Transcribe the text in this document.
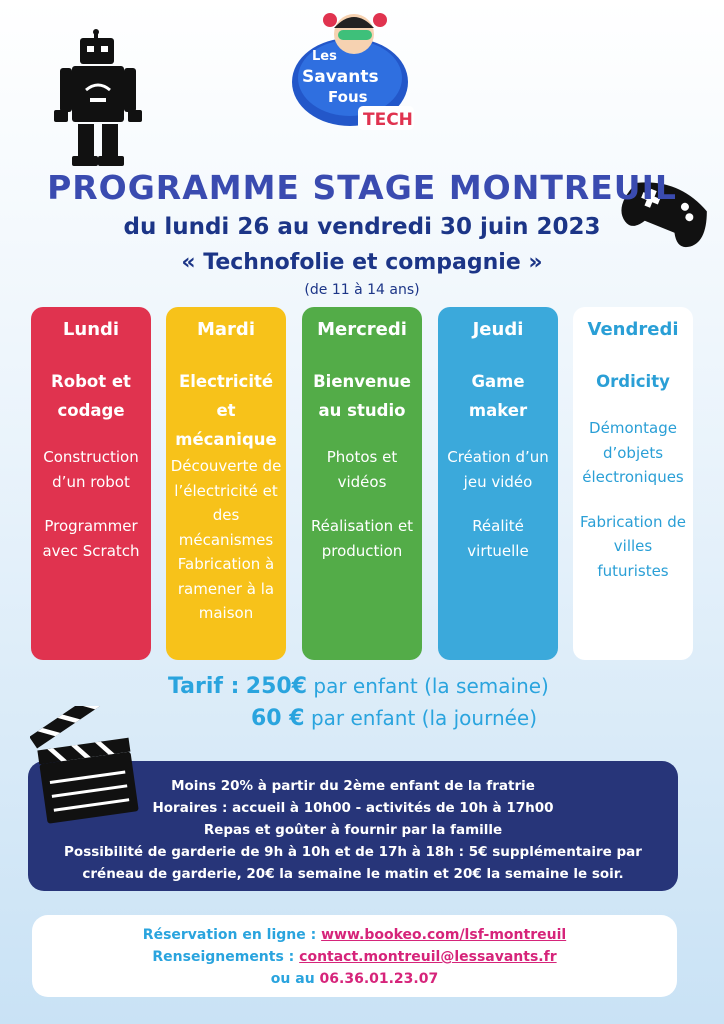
Les
Savants
Fous
TECH
PROGRAMME STAGE MONTREUIL
du lundi 26 au vendredi 30 juin 2023
« Technofolie et compagnie »
(de 11 à 14 ans)
Lundi
Robot et codage
Construction d’un robot
Programmer avec Scratch
Mardi
Electricité et mécanique
Découverte de l’électricité et des mécanismes
Fabrication à ramener à la maison
Mercredi
Bienvenue au studio
Photos et vidéos
Réalisation et production
Jeudi
Game maker
Création d’un jeu vidéo
Réalité virtuelle
Vendredi
Ordicity
Démontage d’objets électroniques
Fabrication de villes futuristes
Tarif : 250€ par enfant (la semaine)
60 € par enfant (la journée)
Moins 20% à partir du 2ème enfant de la fratrie
Horaires : accueil à 10h00 - activités de 10h à 17h00
Repas et goûter à fournir par la famille
Possibilité de garderie de 9h à 10h et de 17h à 18h : 5€ supplémentaire par
créneau de garderie, 20€ la semaine le matin et 20€ la semaine le soir.
Réservation en ligne : www.bookeo.com/lsf-montreuil
Renseignements : contact.montreuil@lessavants.fr
ou au 06.36.01.23.07
